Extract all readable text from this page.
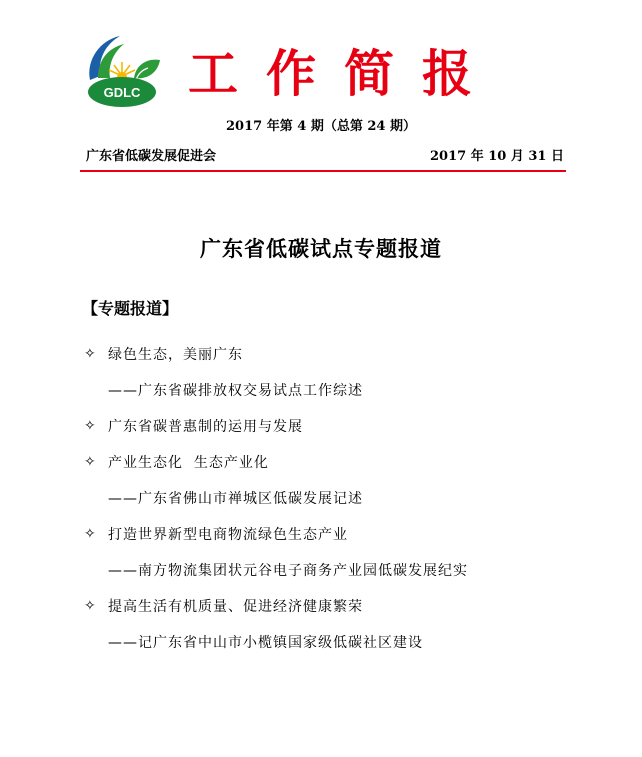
GDLC 工作简报
2017 年第 4 期（总第 24 期）
广东省低碳发展促进会	2017 年 10 月 31 日
广东省低碳试点专题报道
【专题报道】
✧ 绿色生态，美丽广东
——广东省碳排放权交易试点工作综述
✧ 广东省碳普惠制的运用与发展
✧ 产业生态化  生态产业化
——广东省佛山市禅城区低碳发展记述
✧ 打造世界新型电商物流绿色生态产业
——南方物流集团状元谷电子商务产业园低碳发展纪实
✧ 提高生活有机质量、促进经济健康繁荣
——记广东省中山市小榄镇国家级低碳社区建设
